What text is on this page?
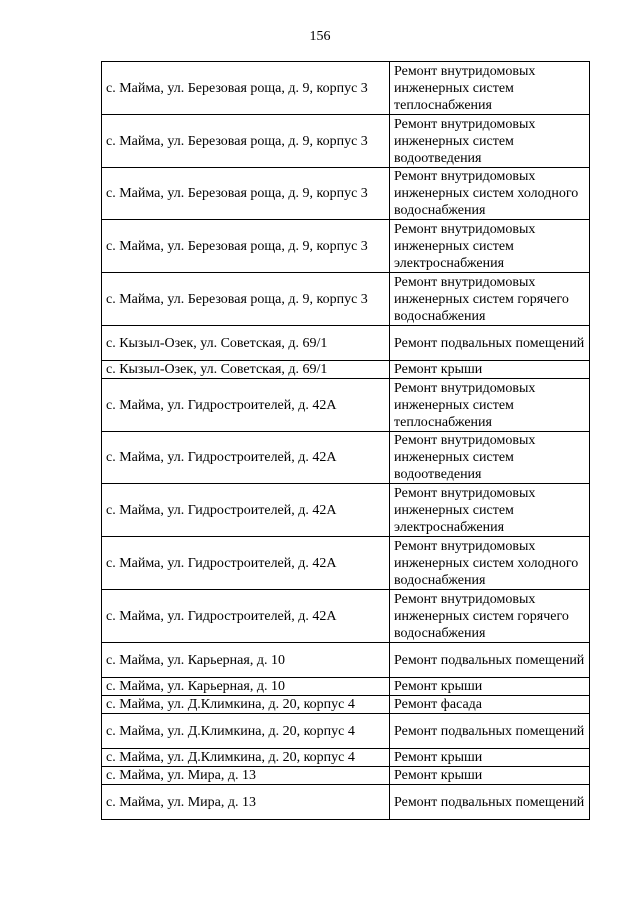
156
с. Майма, ул. Березовая роща, д. 9, корпус 3	Ремонт внутридомовых инженерных систем теплоснабжения
с. Майма, ул. Березовая роща, д. 9, корпус 3	Ремонт внутридомовых инженерных систем водоотведения
с. Майма, ул. Березовая роща, д. 9, корпус 3	Ремонт внутридомовых инженерных систем холодного водоснабжения
с. Майма, ул. Березовая роща, д. 9, корпус 3	Ремонт внутридомовых инженерных систем электроснабжения
с. Майма, ул. Березовая роща, д. 9, корпус 3	Ремонт внутридомовых инженерных систем горячего водоснабжения
с. Кызыл-Озек, ул. Советская, д. 69/1	Ремонт подвальных помещений
с. Кызыл-Озек, ул. Советская, д. 69/1	Ремонт крыши
с. Майма, ул. Гидростроителей, д. 42А	Ремонт внутридомовых инженерных систем теплоснабжения
с. Майма, ул. Гидростроителей, д. 42А	Ремонт внутридомовых инженерных систем водоотведения
с. Майма, ул. Гидростроителей, д. 42А	Ремонт внутридомовых инженерных систем электроснабжения
с. Майма, ул. Гидростроителей, д. 42А	Ремонт внутридомовых инженерных систем холодного водоснабжения
с. Майма, ул. Гидростроителей, д. 42А	Ремонт внутридомовых инженерных систем горячего водоснабжения
с. Майма, ул. Карьерная, д. 10	Ремонт подвальных помещений
с. Майма, ул. Карьерная, д. 10	Ремонт крыши
с. Майма, ул. Д.Климкина, д. 20, корпус 4	Ремонт фасада
с. Майма, ул. Д.Климкина, д. 20, корпус 4	Ремонт подвальных помещений
с. Майма, ул. Д.Климкина, д. 20, корпус 4	Ремонт крыши
с. Майма, ул. Мира, д. 13	Ремонт крыши
с. Майма, ул. Мира, д. 13	Ремонт подвальных помещений
